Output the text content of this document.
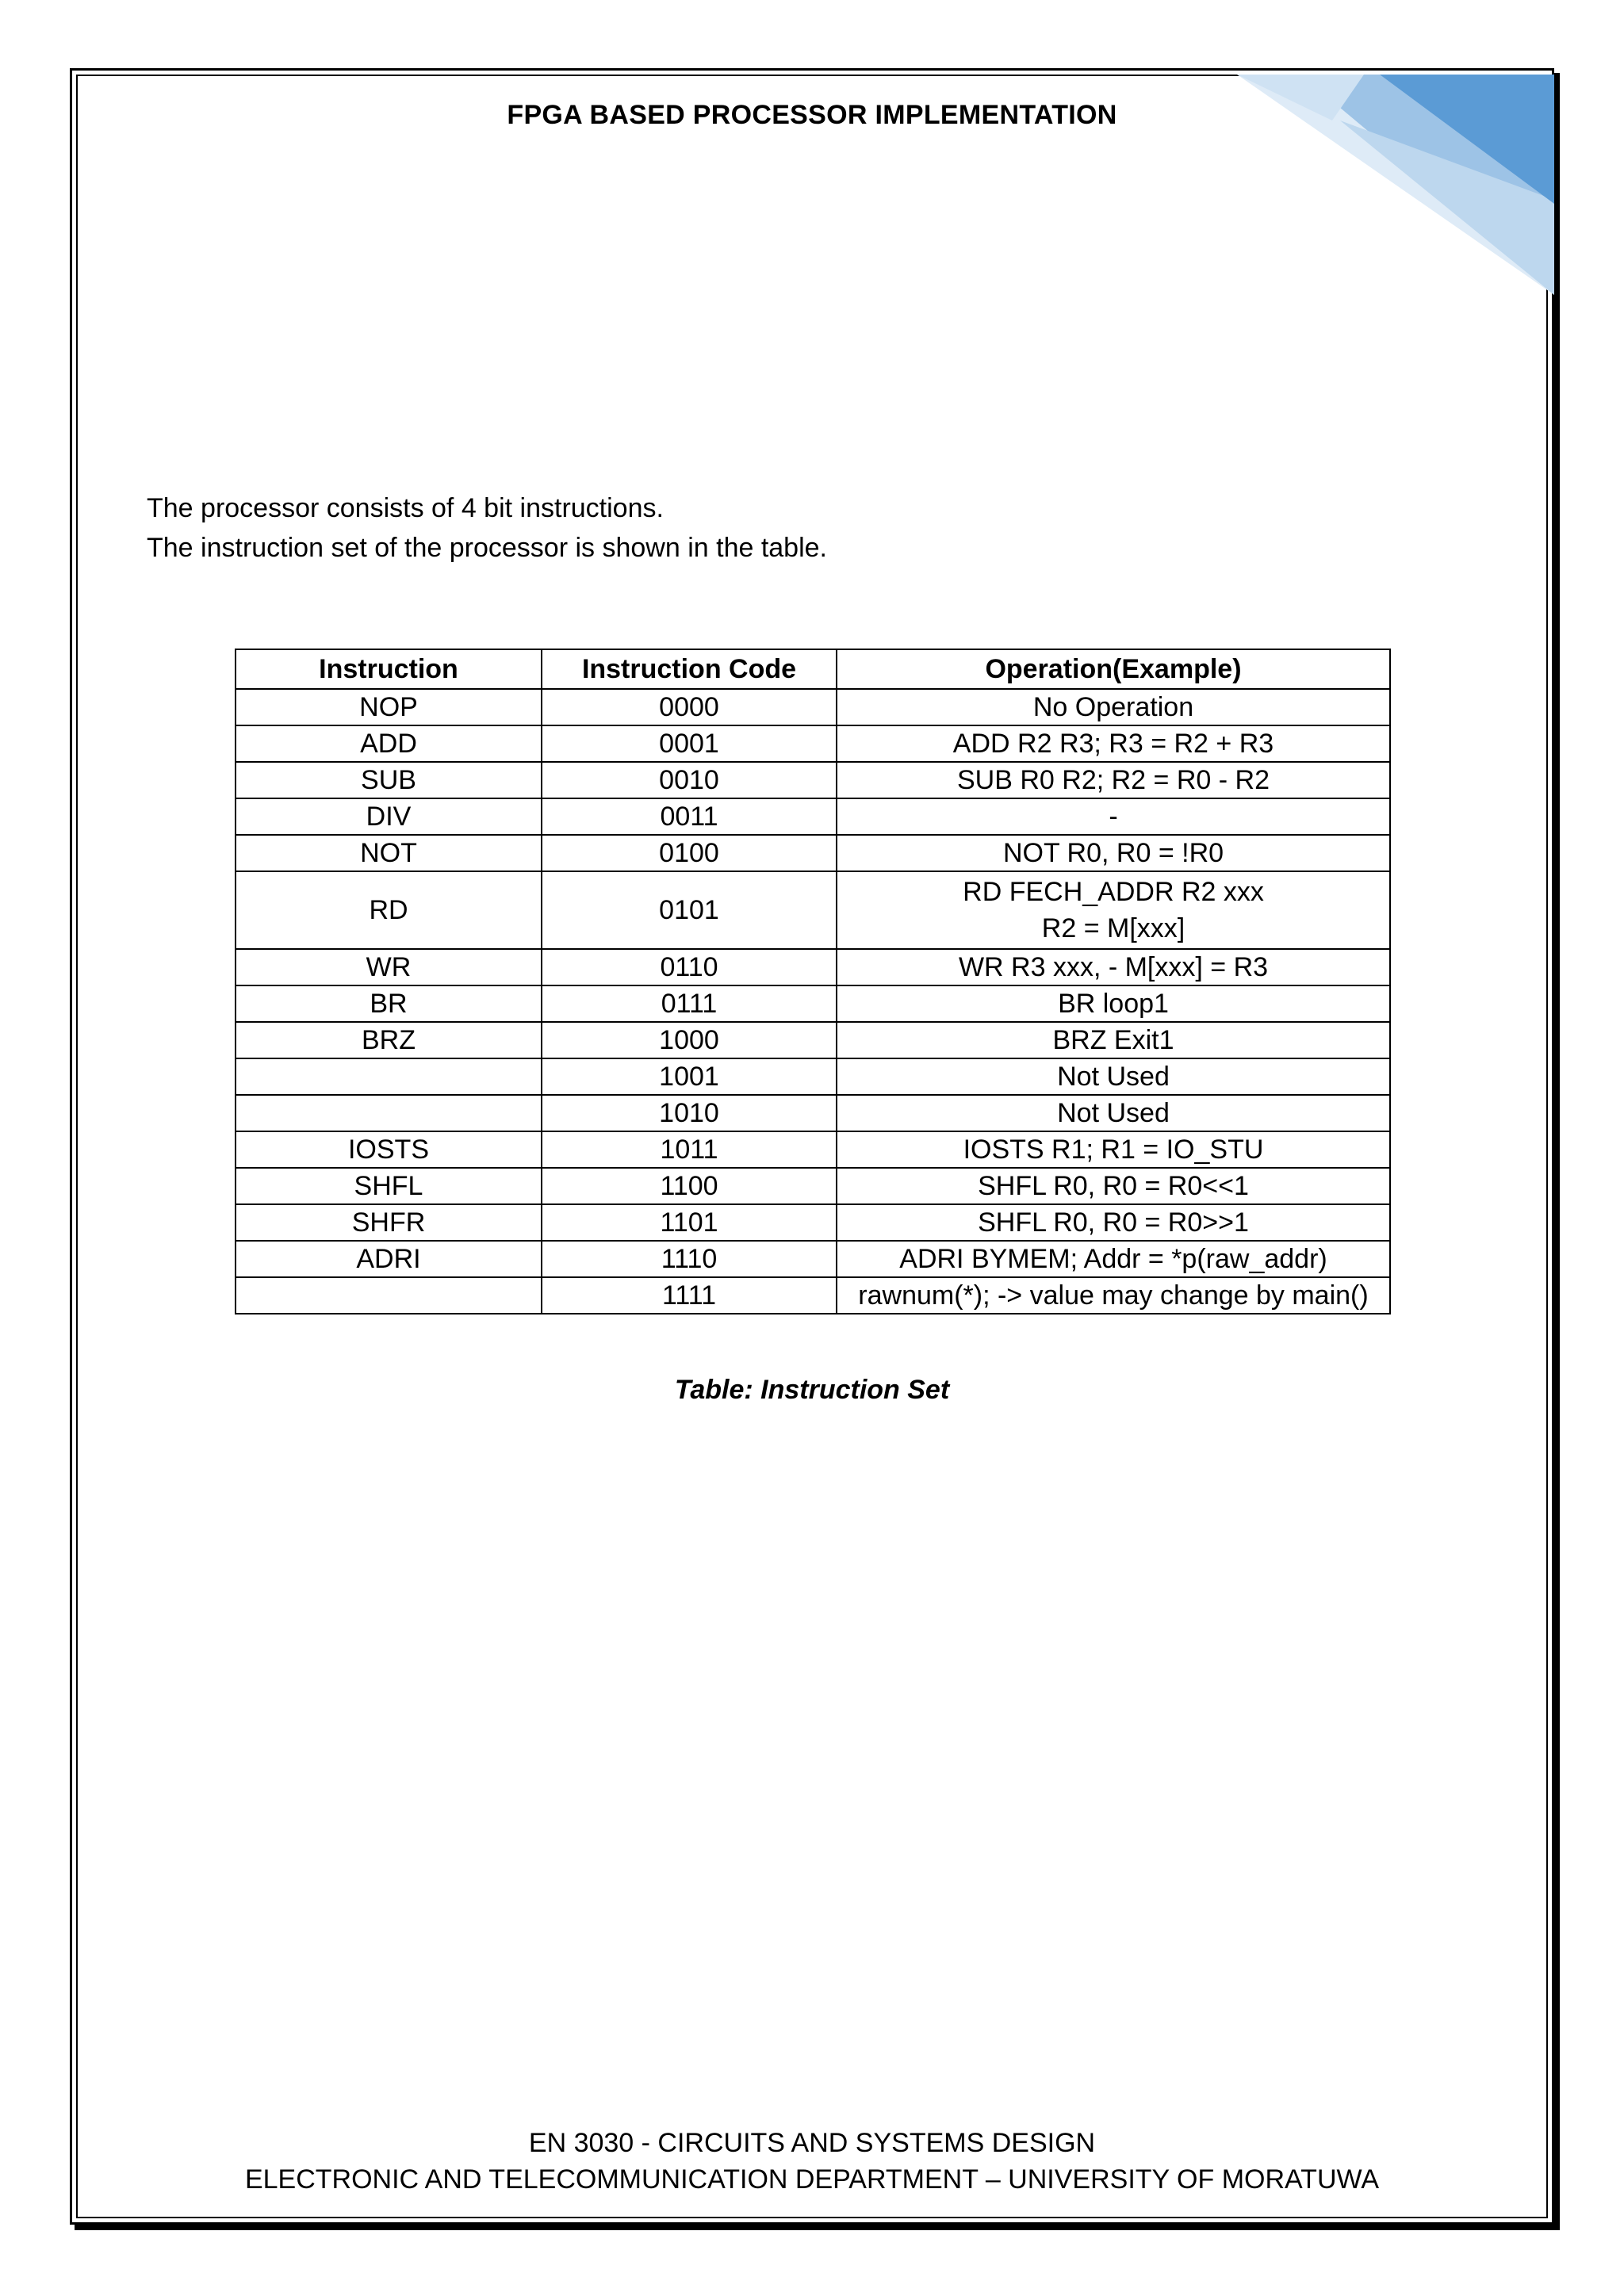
FPGA BASED PROCESSOR IMPLEMENTATION

The processor consists of 4 bit instructions.

The instruction set of the processor is shown in the table.

Instruction	Instruction Code	Operation(Example)
NOP	0000	No Operation
ADD	0001	ADD R2 R3; R3 = R2 + R3
SUB	0010	SUB R0 R2; R2 = R0 - R2
DIV	0011	-
NOT	0100	NOT R0, R0 = !R0
RD	0101	RD FECH_ADDR R2 xxx
R2 = M[xxx]

WR	0110	WR R3 xxx, - M[xxx] = R3
BR	0111	BR loop1
BRZ	1000	BRZ Exit1
	1001	Not Used
	1010	Not Used
IOSTS	1011	IOSTS R1; R1 = IO_STU
SHFL	1100	SHFL R0, R0 = R0<<1
SHFR	1101	SHFL R0, R0 = R0>>1
ADRI	1110	ADRI BYMEM; Addr = *p(raw_addr)
	1111	rawnum(*); -> value may change by main()
Table: Instruction Set
EN 3030 - CIRCUITS AND SYSTEMS DESIGN
ELECTRONIC AND TELECOMMUNICATION DEPARTMENT – UNIVERSITY OF MORATUWA
